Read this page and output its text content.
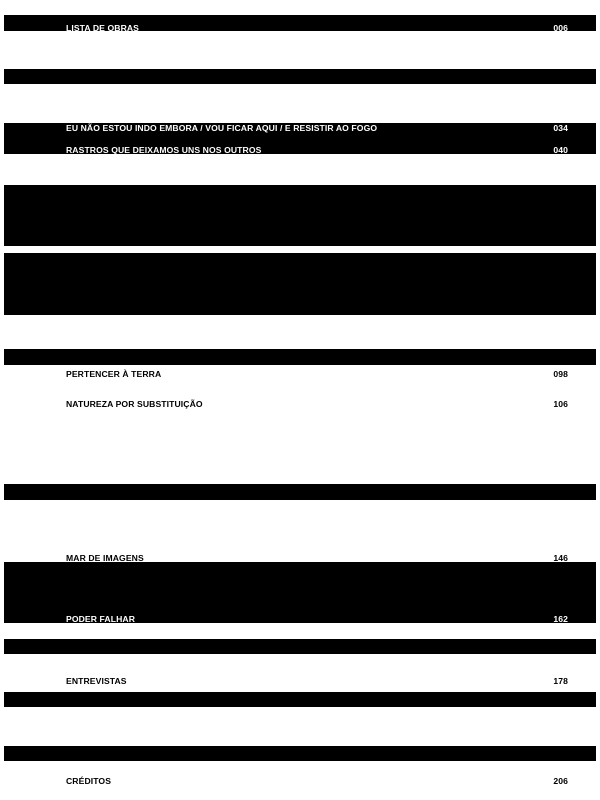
LISTA DE OBRAS	006
EU NÃO ESTOU INDO EMBORA / VOU FICAR AQUI / E RESISTIR AO FOGO	034
RASTROS QUE DEIXAMOS UNS NOS OUTROS	040
PERTENCER À TERRA	098
NATUREZA POR SUBSTITUIÇÃO	106
MAR DE IMAGENS	146
PODER FALHAR	162
ENTREVISTAS	178
CRÉDITOS	206
